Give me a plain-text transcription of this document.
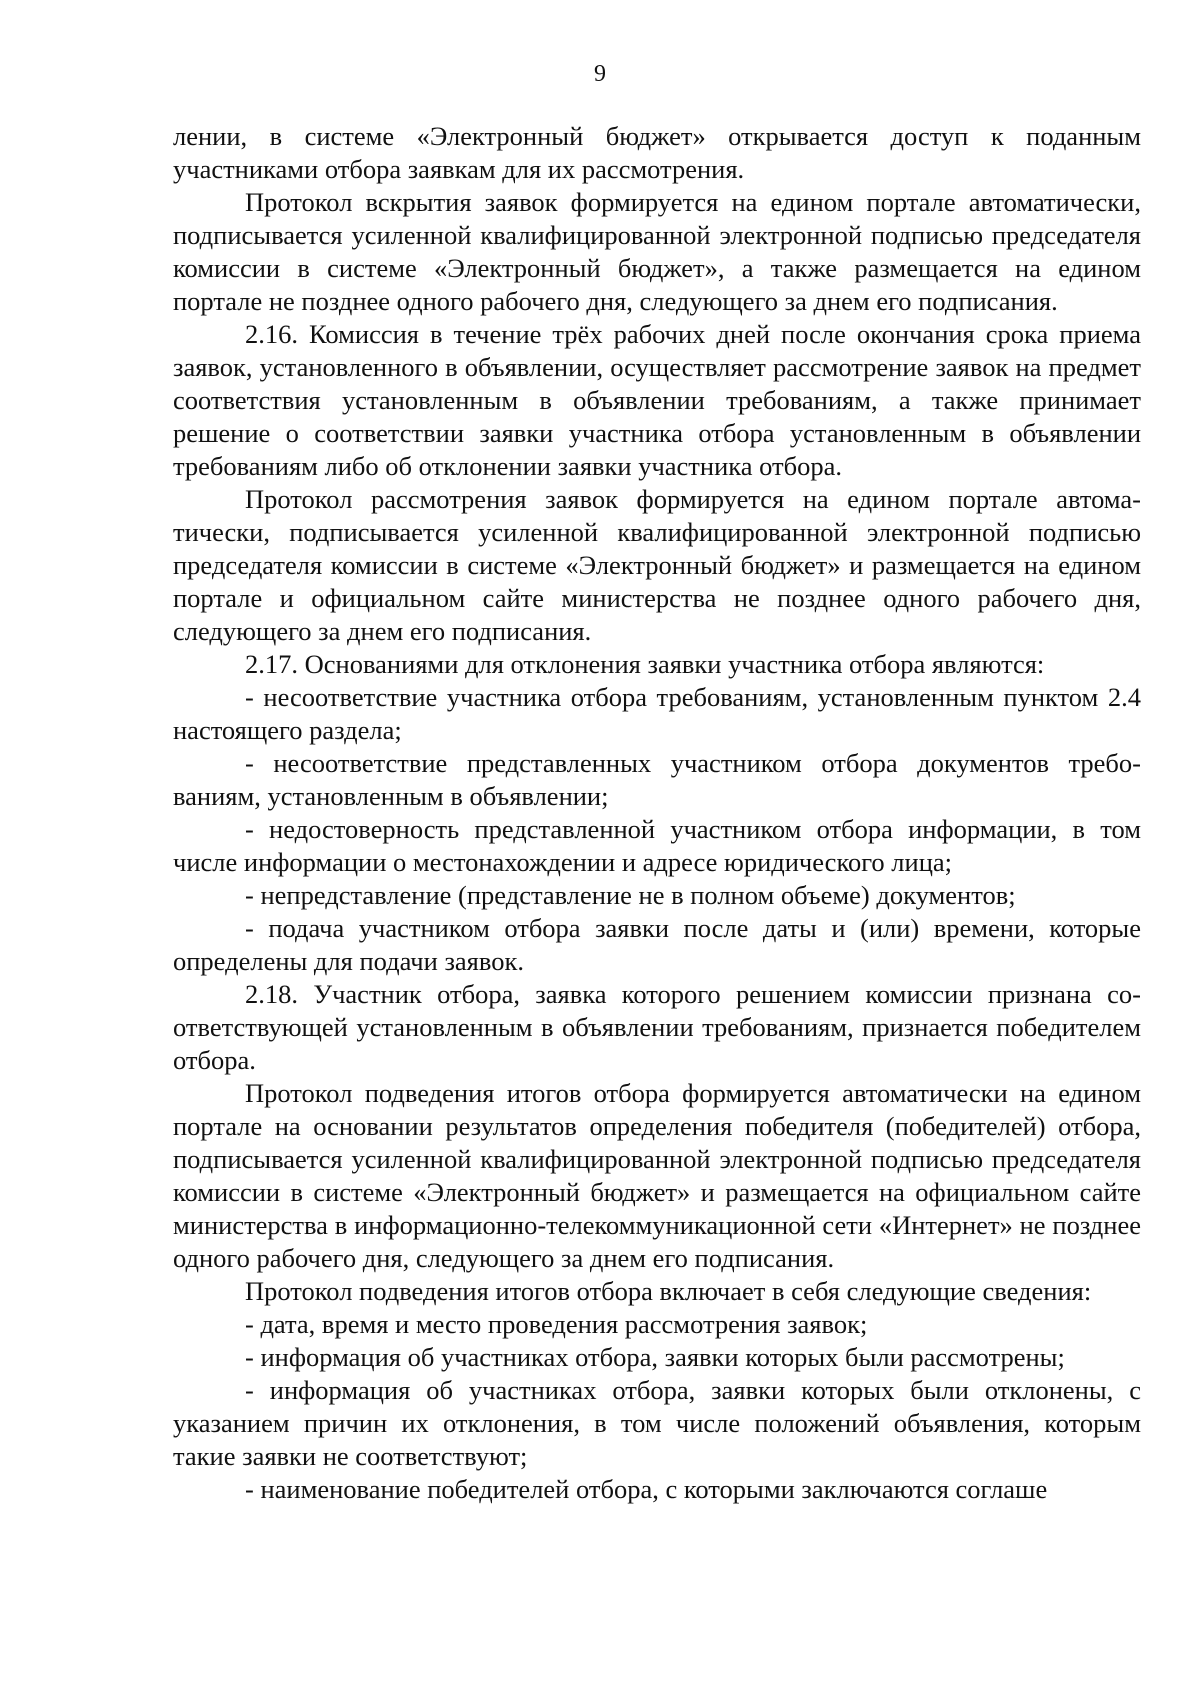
9

лении, в системе «Электронный бюджет» открывается доступ к поданным участниками отбора заявкам для их рассмотрения.

Протокол вскрытия заявок формируется на едином портале автоматически, подписывается усиленной квалифицированной электронной подписью председателя комиссии в системе «Электронный бюджет», а также размещается на едином портале не позднее одного рабочего дня, следующего за днем его подписания.

2.16. Комиссия в течение трёх рабочих дней после окончания срока приема заявок, установленного в объявлении, осуществляет рассмотрение заявок на предмет соответствия установленным в объявлении требованиям, а также принимает решение о соответствии заявки участника отбора установленным в объявлении требованиям либо об отклонении заявки участника отбора.

Протокол рассмотрения заявок формируется на едином портале автоматически, подписывается усиленной квалифицированной электронной подписью председателя комиссии в системе «Электронный бюджет» и размещается на едином портале и официальном сайте министерства не позднее одного рабочего дня, следующего за днем его подписания.

2.17. Основаниями для отклонения заявки участника отбора являются:

- несоответствие участника отбора требованиям, установленным пунктом 2.4 настоящего раздела;

- несоответствие представленных участником отбора документов требованиям, установленным в объявлении;

- недостоверность представленной участником отбора информации, в том числе информации о местонахождении и адресе юридического лица;

- непредставление (представление не в полном объеме) документов;

- подача участником отбора заявки после даты и (или) времени, которые определены для подачи заявок.

2.18. Участник отбора, заявка которого решением комиссии признана соответствующей установленным в объявлении требованиям, признается победителем отбора.

Протокол подведения итогов отбора формируется автоматически на едином портале на основании результатов определения победителя (победителей) отбора, подписывается усиленной квалифицированной электронной подписью председателя комиссии в системе «Электронный бюджет» и размещается на официальном сайте министерства в информационно-телекоммуникационной сети «Интернет» не позднее одного рабочего дня, следующего за днем его подписания.

Протокол подведения итогов отбора включает в себя следующие сведения:

- дата, время и место проведения рассмотрения заявок;

- информация об участниках отбора, заявки которых были рассмотрены;

- информация об участниках отбора, заявки которых были отклонены, с указанием причин их отклонения, в том числе положений объявления, которым такие заявки не соответствуют;

- наименование победителей отбора, с которыми заключаются соглаше
